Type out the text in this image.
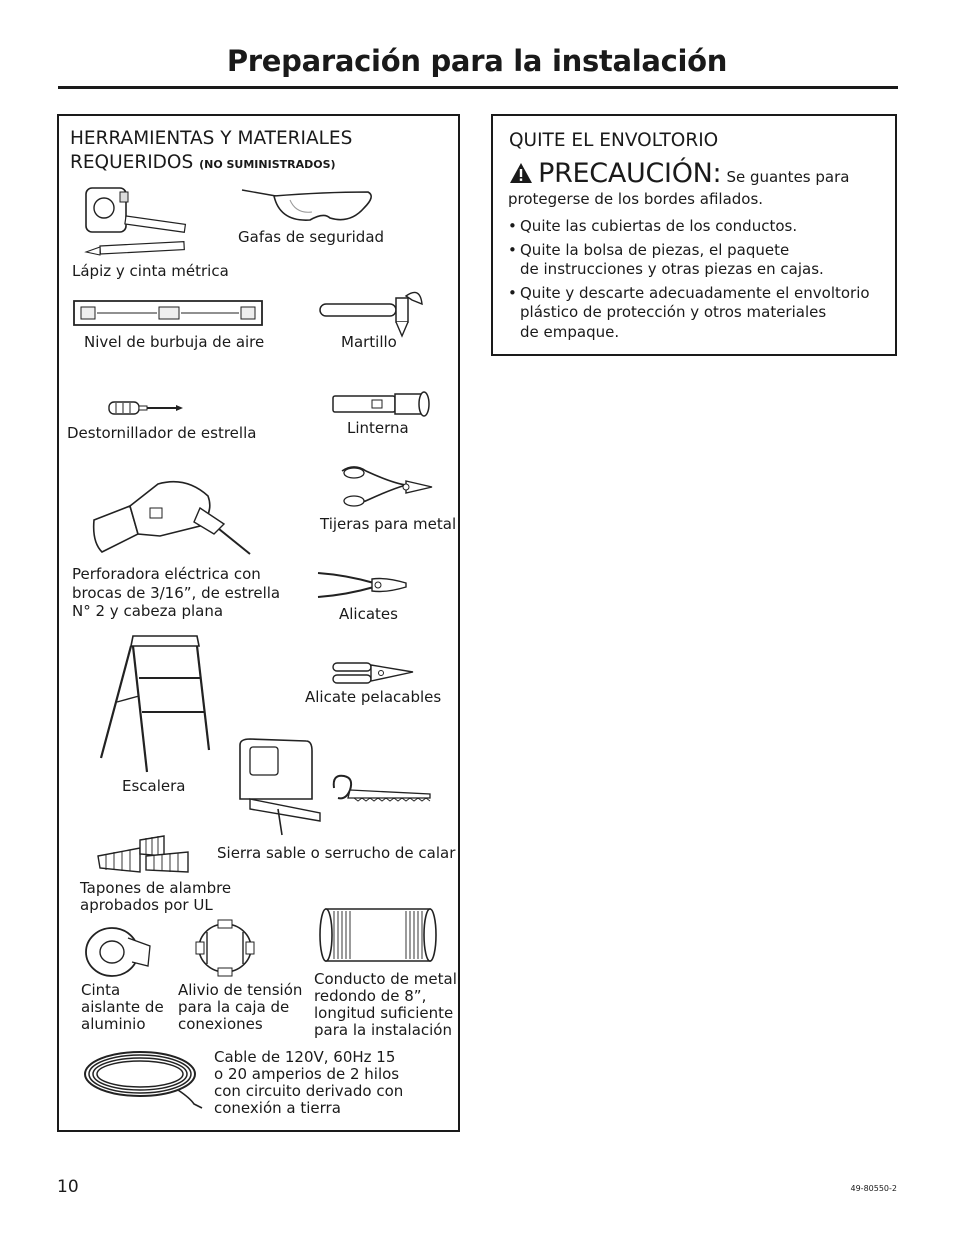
Preparación para la instalación
HERRAMIENTAS Y MATERIALES
REQUERIDOS (NO SUMINISTRADOS)
Lápiz y cinta métrica
Gafas de seguridad
Nivel de burbuja de aire	Martillo
Destornillador de estrella	Linterna
Tijeras para metal
Perforadora eléctrica con
brocas de 3/16”, de estrella
N° 2 y cabeza plana	Alicates
Alicate pelacables
Escalera
Sierra sable o serrucho de calar
Tapones de alambre
aprobados por UL
Cinta
aislante de
aluminio
Alivio de tensión
para la caja de
conexiones
Conducto de metal
redondo de 8”,
longitud suficiente
para la instalación
Cable de 120V, 60Hz 15
o 20 amperios de 2 hilos
con circuito derivado con
conexión a tierra
QUITE EL ENVOLTORIO
PRECAUCIÓN: Se guantes para
protegerse de los bordes afilados.
• Quite las cubiertas de los conductos.
• Quite la bolsa de piezas, el paquete
de instrucciones y otras piezas en cajas.
• Quite y descarte adecuadamente el envoltorio
plástico de protección y otros materiales
de empaque.
10	49-80550-2
